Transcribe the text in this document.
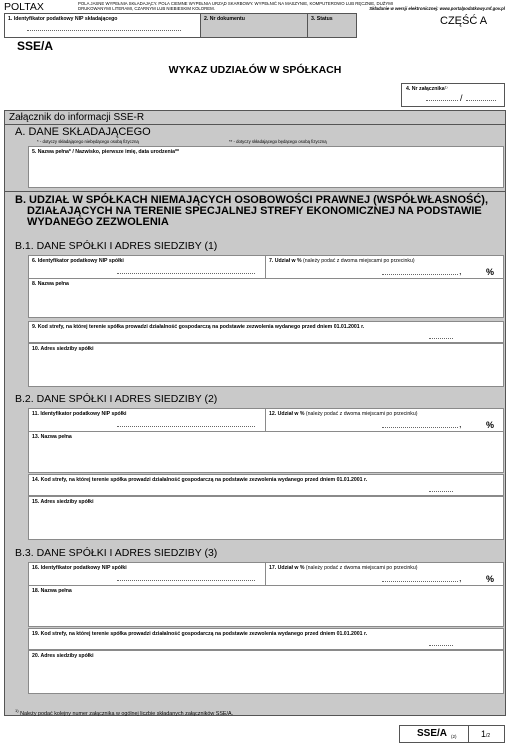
POLTAX	POLA JASNE WYPEŁNIA SKŁADAJĄCY. POLA CIEMNE WYPEŁNIA URZĄD SKARBOWY. WYPEŁNIĆ NA MASZYNIE, KOMPUTEROWO LUB RĘCZNIE, DUŻYMI
DRUKOWANYMI LITERAMI, CZARNYM LUB NIEBIESKIM KOLOREM.	Składanie w wersji elektronicznej: www.portalpodatkowy.mf.gov.pl
1. Identyfikator podatkowy NIP składającego	2. Nr dokumentu	3. Status	CZĘŚĆ A
SSE/A
WYKAZ UDZIAŁÓW W SPÓŁKACH
4. Nr załącznika¹⁾
/
Załącznik do informacji SSE-R
A. DANE SKŁADAJĄCEGO
* - dotyczy składającego niebędącego osobą fizyczną	** - dotyczy składającego będącego osobą fizyczną
5. Nazwa pełna* / Nazwisko, pierwsze imię, data urodzenia**
B. UDZIAŁ W SPÓŁKACH NIEMAJĄCYCH OSOBOWOŚCI PRAWNEJ (WSPÓŁWŁASNOŚĆ),
DZIAŁAJĄCYCH NA TERENIE SPECJALNEJ STREFY EKONOMICZNEJ NA PODSTAWIE
WYDANEGO ZEZWOLENIA
B.1. DANE SPÓŁKI I ADRES SIEDZIBY (1)
6. Identyfikator podatkowy NIP spółki	7. Udział w % (należy podać z dwoma miejscami po przecinku)
,	%
8. Nazwa pełna
9. Kod strefy, na której terenie spółka prowadzi działalność gospodarczą na podstawie zezwolenia wydanego przed dniem 01.01.2001 r.
10. Adres siedziby spółki
B.2. DANE SPÓŁKI I ADRES SIEDZIBY (2)
11. Identyfikator podatkowy NIP spółki	12. Udział w % (należy podać z dwoma miejscami po przecinku)
,	%
13. Nazwa pełna
14. Kod strefy, na której terenie spółka prowadzi działalność gospodarczą na podstawie zezwolenia wydanego przed dniem 01.01.2001 r.
15. Adres siedziby spółki
B.3. DANE SPÓŁKI I ADRES SIEDZIBY (3)
16. Identyfikator podatkowy NIP spółki	17. Udział w % (należy podać z dwoma miejscami po przecinku)
,	%
18. Nazwa pełna
19. Kod strefy, na której terenie spółka prowadzi działalność gospodarczą na podstawie zezwolenia wydanego przed dniem 01.01.2001 r.
20. Adres siedziby spółki
$^{1)}$ Należy podać kolejny numer załącznika w ogólnej liczbie składanych załączników SSE/A.
SSE/A (2)	1/2
